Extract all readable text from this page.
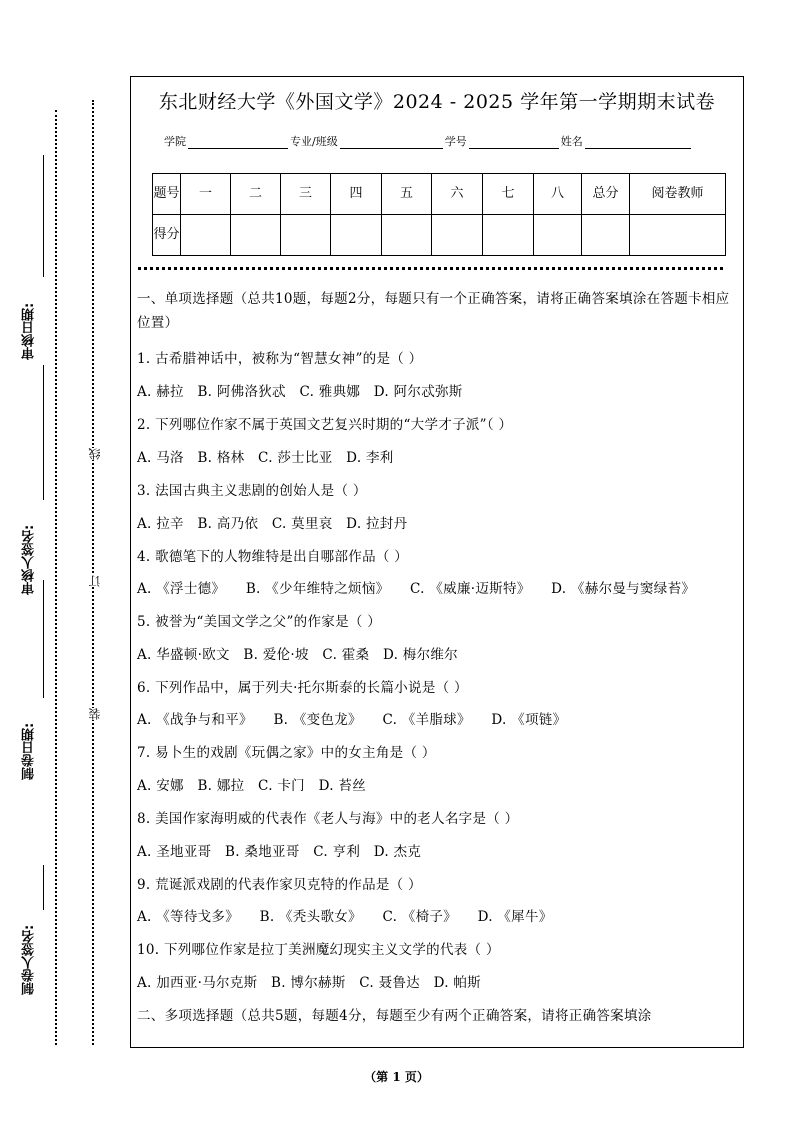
制卷人签名:
制卷日期:
审核人签名:
审核日期:
线
订
装
东北财经大学《外国文学》2024 - 2025 学年第一学期期末试卷
学院	专业/班级	学号	姓名
题号	一	二	三	四	五	六	七	八	总分	阅卷教师
得分										
一、单项选择题（总共10题，每题2分，每题只有一个正确答案，请将正确答案填涂在答题卡相应位置）
1. 古希腊神话中，被称为“智慧女神”的是（ ）
A. 赫拉 B. 阿佛洛狄忒 C. 雅典娜 D. 阿尔忒弥斯
2. 下列哪位作家不属于英国文艺复兴时期的“大学才子派”（ ）
A. 马洛 B. 格林 C. 莎士比亚 D. 李利
3. 法国古典主义悲剧的创始人是（ ）
A. 拉辛 B. 高乃依 C. 莫里哀 D. 拉封丹
4. 歌德笔下的人物维特是出自哪部作品（ ）
A. 《浮士德》 B. 《少年维特之烦恼》 C. 《威廉·迈斯特》 D. 《赫尔曼与窦绿苔》
5. 被誉为“美国文学之父”的作家是（ ）
A. 华盛顿·欧文 B. 爱伦·坡 C. 霍桑 D. 梅尔维尔
6. 下列作品中，属于列夫·托尔斯泰的长篇小说是（ ）
A. 《战争与和平》 B. 《变色龙》 C. 《羊脂球》 D. 《项链》
7. 易卜生的戏剧《玩偶之家》中的女主角是（ ）
A. 安娜 B. 娜拉 C. 卡门 D. 苔丝
8. 美国作家海明威的代表作《老人与海》中的老人名字是（ ）
A. 圣地亚哥 B. 桑地亚哥 C. 亨利 D. 杰克
9. 荒诞派戏剧的代表作家贝克特的作品是（ ）
A. 《等待戈多》 B. 《秃头歌女》 C. 《椅子》 D. 《犀牛》
10. 下列哪位作家是拉丁美洲魔幻现实主义文学的代表（ ）
A. 加西亚·马尔克斯 B. 博尔赫斯 C. 聂鲁达 D. 帕斯
二、多项选择题（总共5题，每题4分，每题至少有两个正确答案，请将正确答案填涂
（第 1 页）
